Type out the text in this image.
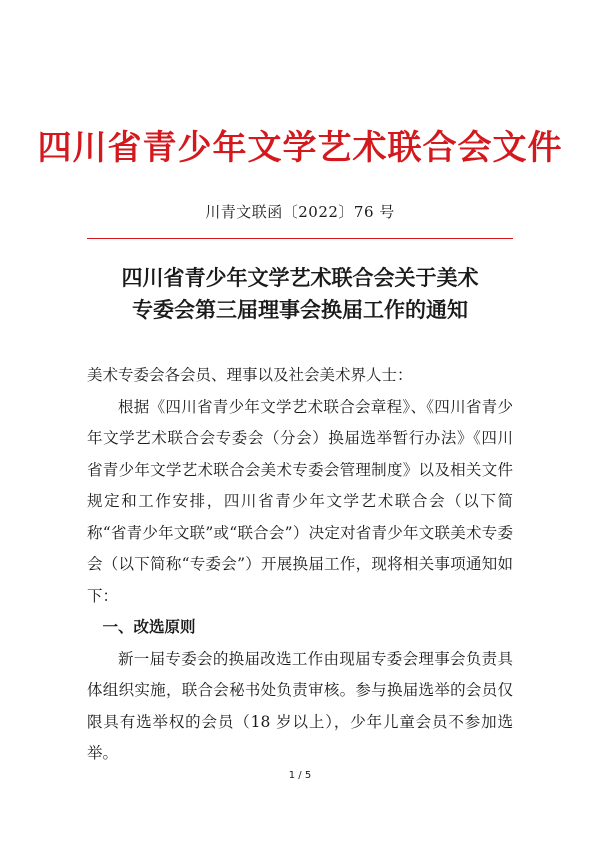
四川省青少年文学艺术联合会文件
川青文联函〔2022〕76 号
四川省青少年文学艺术联合会关于美术
专委会第三届理事会换届工作的通知

美术专委会各会员、理事以及社会美术界人士：

根据《四川省青少年文学艺术联合会章程》、《四川省青少年文学艺术联合会专委会（分会）换届选举暂行办法》《四川省青少年文学艺术联合会美术专委会管理制度》以及相关文件规定和工作安排，四川省青少年文学艺术联合会（以下简称“省青少年文联”或“联合会”）决定对省青少年文联美术专委会（以下简称“专委会”）开展换届工作，现将相关事项通知如下：

一、改选原则

新一届专委会的换届改选工作由现届专委会理事会负责具体组织实施，联合会秘书处负责审核。参与换届选举的会员仅限具有选举权的会员（18 岁以上），少年儿童会员不参加选举。

1 / 5
